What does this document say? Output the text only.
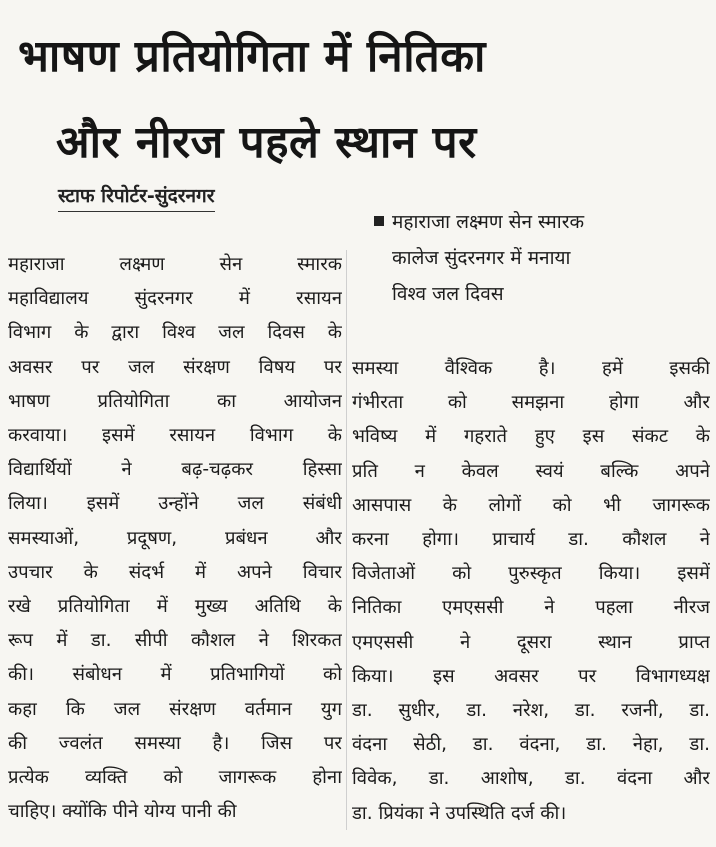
भाषण प्रतियोगिता में नितिका
और नीरज पहले स्थान पर
स्टाफ रिपोर्टर-सुंदरनगर
महाराजा लक्ष्मण सेन स्मारक
कालेज सुंदरनगर में मनाया
विश्व जल दिवस
महाराजा लक्ष्मण सेन स्मारक
महाविद्यालय सुंदरनगर में रसायन
विभाग के द्वारा विश्व जल दिवस के
अवसर पर जल संरक्षण विषय पर
भाषण प्रतियोगिता का आयोजन
करवाया। इसमें रसायन विभाग के
विद्यार्थियों ने बढ़-चढ़कर हिस्सा
लिया। इसमें उन्होंने जल संबंधी
समस्याओं, प्रदूषण, प्रबंधन और
उपचार के संदर्भ में अपने विचार
रखे प्रतियोगिता में मुख्य अतिथि के
रूप में डा. सीपी कौशल ने शिरकत
की। संबोधन में प्रतिभागियों को
कहा कि जल संरक्षण वर्तमान युग
की ज्वलंत समस्या है। जिस पर
प्रत्येक व्यक्ति को जागरूक होना
चाहिए। क्योंकि पीने योग्य पानी की
समस्या वैश्विक है। हमें इसकी
गंभीरता को समझना होगा और
भविष्य में गहराते हुए इस संकट के
प्रति न केवल स्वयं बल्कि अपने
आसपास के लोगों को भी जागरूक
करना होगा। प्राचार्य डा. कौशल ने
विजेताओं को पुरुस्कृत किया। इसमें
नितिका एमएससी ने पहला नीरज
एमएससी ने दूसरा स्थान प्राप्त
किया। इस अवसर पर विभागध्यक्ष
डा. सुधीर, डा. नरेश, डा. रजनी, डा.
वंदना सेठी, डा. वंदना, डा. नेहा, डा.
विवेक, डा. आशोष, डा. वंदना और
डा. प्रियंका ने उपस्थिति दर्ज की।
